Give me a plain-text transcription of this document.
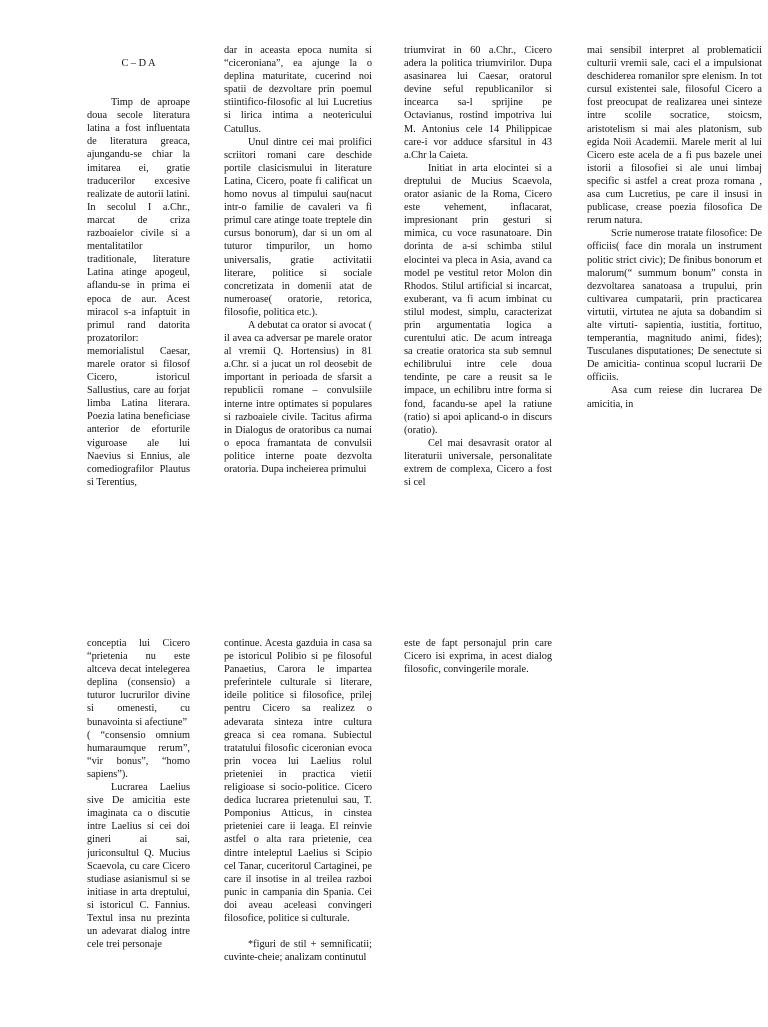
C – D A

Timp de aproape doua secole literatura latina a fost influentata de literatura greaca, ajungandu-se chiar la imitarea ei, gratie traducerilor excesive realizate de autorii latini. In secolul I a.Chr., marcat de criza razboaielor civile si a mentalitatilor traditionale, literature Latina atinge apogeul, aflandu-se in prima ei epoca de aur. Acest miracol s-a infaptuit in primul rand datorita prozatorilor: memorialistul Caesar, marele orator si filosof Cicero, istoricul Sallustius, care au forjat limba Latina literara. Poezia latina beneficiase anterior de eforturile viguroase ale lui Naevius si Ennius, ale comediografilor Plautus si Terentius,

dar in aceasta epoca numita si “ciceroniana”, ea ajunge la o deplina maturitate, cucerind noi spatii de dezvoltare prin poemul stiintifico-filosofic al lui Lucretius si lirica intima a neotericului Catullus.

Unul dintre cei mai prolifici scriitori romani care deschide portile clasicismului in literature Latina, Cicero, poate fi calificat un homo novus al timpului sau(nacut intr-o familie de cavaleri va fi primul care atinge toate treptele din cursus bonorum), dar si un om al tuturor timpurilor, un homo universalis, gratie activitatii literare, politice si sociale concretizata in domenii atat de numeroase( oratorie, retorica, filosofie, politica etc.).

A debutat ca orator si avocat ( il avea ca adversar pe marele orator al vremii Q. Hortensius) in 81 a.Chr. si a jucat un rol deosebit de important in perioada de sfarsit a republicii romane – convulsiile interne intre optimates si populares si razboaiele civile. Tacitus afirma in Dialogus de oratoribus ca numai o epoca framantata de convulsii politice interne poate dezvolta oratoria. Dupa incheierea primului

triumvirat in 60 a.Chr., Cicero adera la politica triumvirilor. Dupa asasinarea lui Caesar, oratorul devine seful republicanilor si incearca sa-l sprijine pe Octavianus, rostind impotriva lui M. Antonius cele 14 Philippicae care-i vor adduce sfarsitul in 43 a.Chr la Caieta.

Initiat in arta elocintei si a dreptului de Mucius Scaevola, orator asianic de la Roma, Cicero este vehement, inflacarat, impresionant prin gesturi si mimica, cu voce rasunatoare. Din dorinta de a-si schimba stilul elocintei va pleca in Asia, avand ca model pe vestitul retor Molon din Rhodos. Stilul artificial si incarcat, exuberant, va fi acum imbinat cu stilul modest, simplu, caracterizat prin argumentatia logica a curentului atic. De acum intreaga sa creatie oratorica sta sub semnul echilibrului intre cele doua tendinte, pe care a reusit sa le impace, un echilibru intre forma si fond, facandu-se apel la ratiune (ratio) si apoi aplicand-o in discurs (oratio).

Cel mai desavrasit orator al literaturii universale, personalitate extrem de complexa, Cicero a fost si cel

mai sensibil interpret al problematicii culturii vremii sale, caci el a impulsionat deschiderea romanilor spre elenism. In tot cursul existentei sale, filosoful Cicero a fost preocupat de realizarea unei sinteze intre scolile socratice, stoicsm, aristotelism si mai ales platonism, sub egida Noii Academii. Marele merit al lui Cicero este acela de a fi pus bazele unei istorii a filosofiei si ale unui limbaj specific si astfel a creat proza romana , asa cum Lucretius, pe care il insusi in publicase, crease poezia filosofica De rerum natura.

Scrie numerose tratate filosofice: De officiis( face din morala un instrument politic strict civic); De finibus bonorum et malorum(“ summum bonum” consta in dezvoltarea sanatoasa a trupului, prin cultivarea cumpatarii, prin practicarea virtutii, virtutea ne ajuta sa dobandim si alte virtuti- sapientia, iustitia, fortituo, temperantia, magnitudo animi, fides); Tusculanes disputationes; De senectute si De amicitia- continua scopul lucrarii De officiis.

Asa cum reiese din lucrarea De amicitia, in

conceptia lui Cicero “prietenia nu este altceva decat intelegerea deplina (consensio) a tuturor lucrurilor divine si omenesti, cu bunavointa si afectiune”

( “consensio omnium humaraumque rerum”, “vir bonus”, “homo sapiens”).

Lucrarea Laelius sive De amicitia este imaginata ca o discutie intre Laelius si cei doi gineri ai sai, juriconsultul Q. Mucius Scaevola, cu care Cicero studiase asianismul si se initiase in arta dreptului, si istoricul C. Fannius. Textul insa nu prezinta un adevarat dialog intre cele trei personaje

continue. Acesta gazduia in casa sa pe istoricul Polibio si pe filosoful Panaetius, Carora le impartea preferintele culturale si literare, ideile politice si filosofice, prilej pentru Cicero sa realizez o adevarata sinteza intre cultura greaca si cea romana. Subiectul tratatului filosofic ciceronian evoca prin vocea lui Laelius rolul prieteniei in practica vietii religioase si socio-politice. Cicero dedica lucrarea prietenului sau, T. Pomponius Atticus, in cinstea prieteniei care ii leaga. El reinvie astfel o alta rara prietenie, cea dintre inteleptul Laelius si Scipio cel Tanar, cuceritorul Cartaginei, pe care il insotise in al treilea razboi punic in campania din Spania. Cei doi aveau aceleasi convingeri filosofice, politice si culturale.

*figuri de stil + semnificatii; cuvinte-cheie; analizam continutul

este de fapt personajul prin care Cicero isi exprima, in acest dialog filosofic, convingerile morale.
